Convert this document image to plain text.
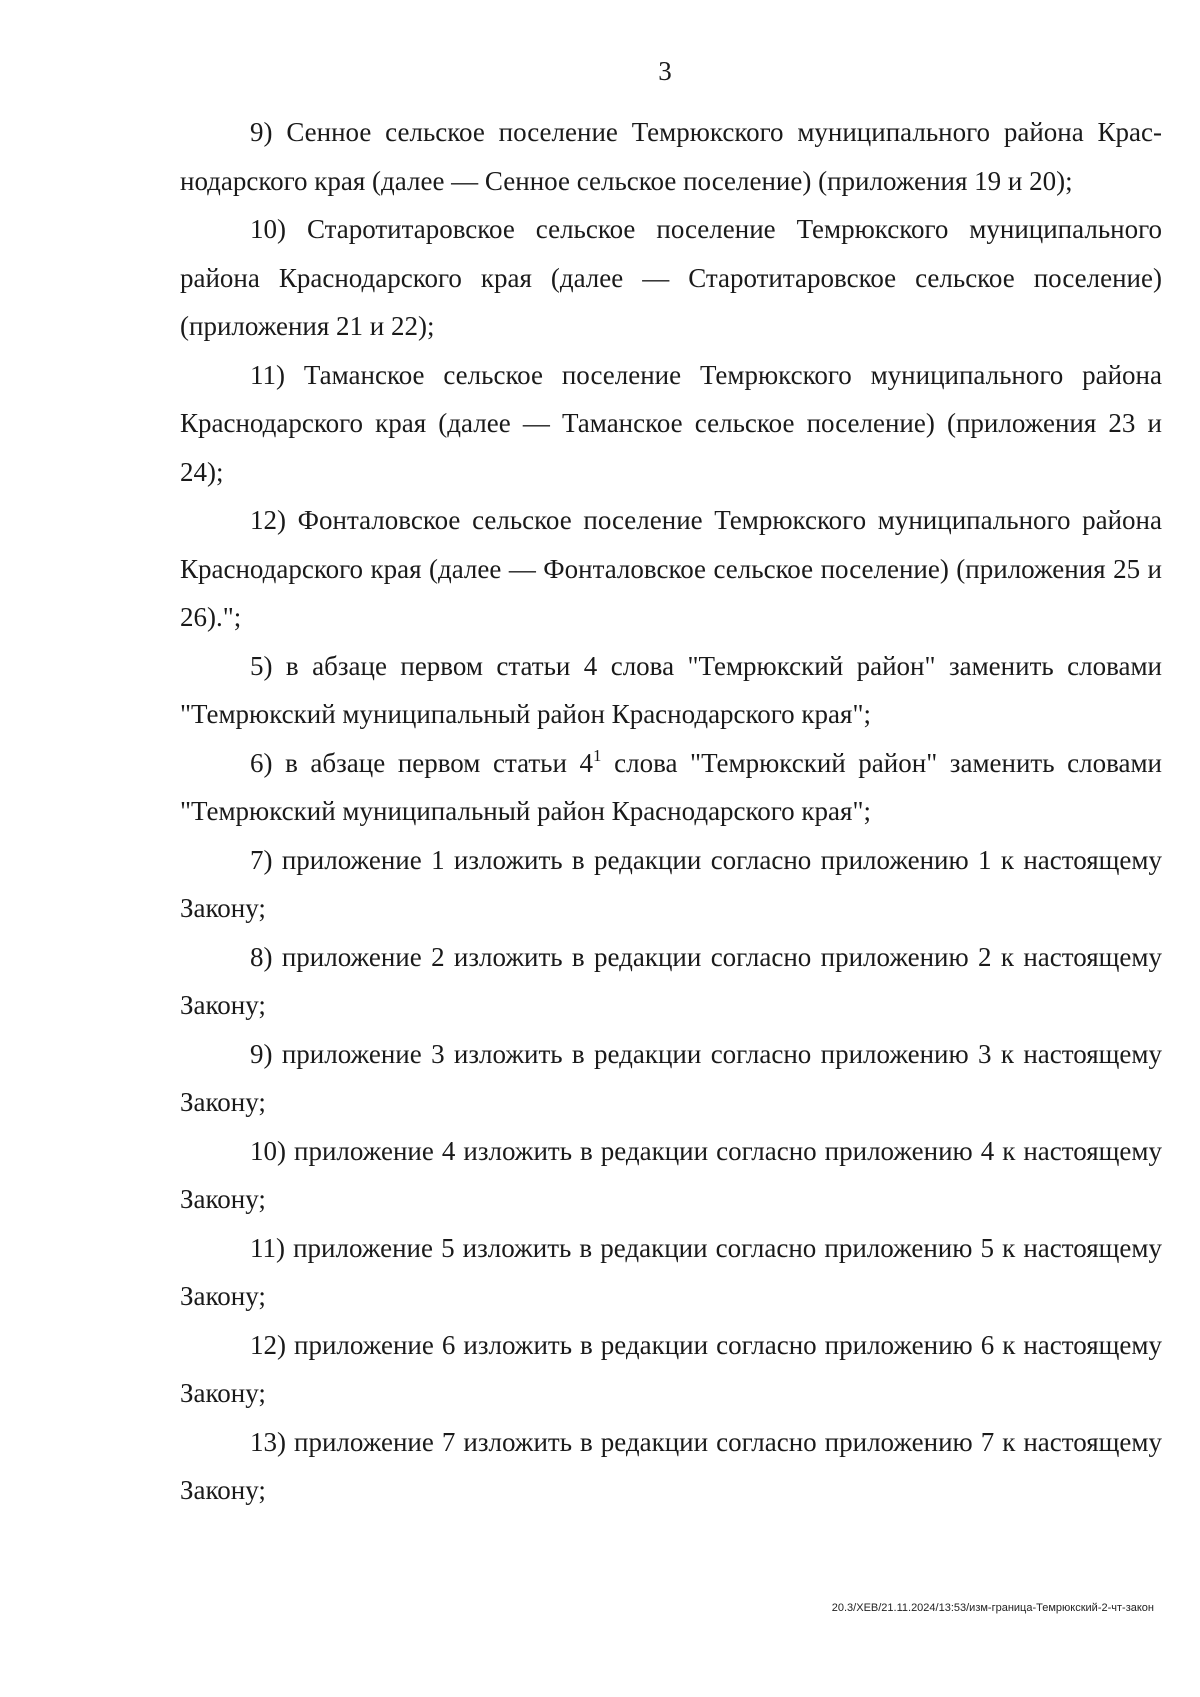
3

9) Сенное сельское поселение Темрюкского муниципального района Краснодарского края (далее — Сенное сельское поселение) (приложения 19 и 20);

10) Старотитаровское сельское поселение Темрюкского муниципального района Краснодарского края (далее — Старотитаровское сельское поселение) (приложения 21 и 22);

11) Таманское сельское поселение Темрюкского муниципального района Краснодарского края (далее — Таманское сельское поселение) (приложения 23 и 24);

12) Фонталовское сельское поселение Темрюкского муниципального района Краснодарского края (далее — Фонталовское сельское поселение) (приложения 25 и 26).";

5) в абзаце первом статьи 4 слова "Темрюкский район" заменить словами "Темрюкский муниципальный район Краснодарского края";

6) в абзаце первом статьи $4^1$ слова "Темрюкский район" заменить словами "Темрюкский муниципальный район Краснодарского края";

7) приложение 1 изложить в редакции согласно приложению 1 к настоящему Закону;

8) приложение 2 изложить в редакции согласно приложению 2 к настоящему Закону;

9) приложение 3 изложить в редакции согласно приложению 3 к настоящему Закону;

10) приложение 4 изложить в редакции согласно приложению 4 к настоящему Закону;

11) приложение 5 изложить в редакции согласно приложению 5 к настоящему Закону;

12) приложение 6 изложить в редакции согласно приложению 6 к настоящему Закону;

13) приложение 7 изложить в редакции согласно приложению 7 к настоящему Закону;

20.3/ХЕВ/21.11.2024/13:53/изм-граница-Темрюкский-2-чт-закон
